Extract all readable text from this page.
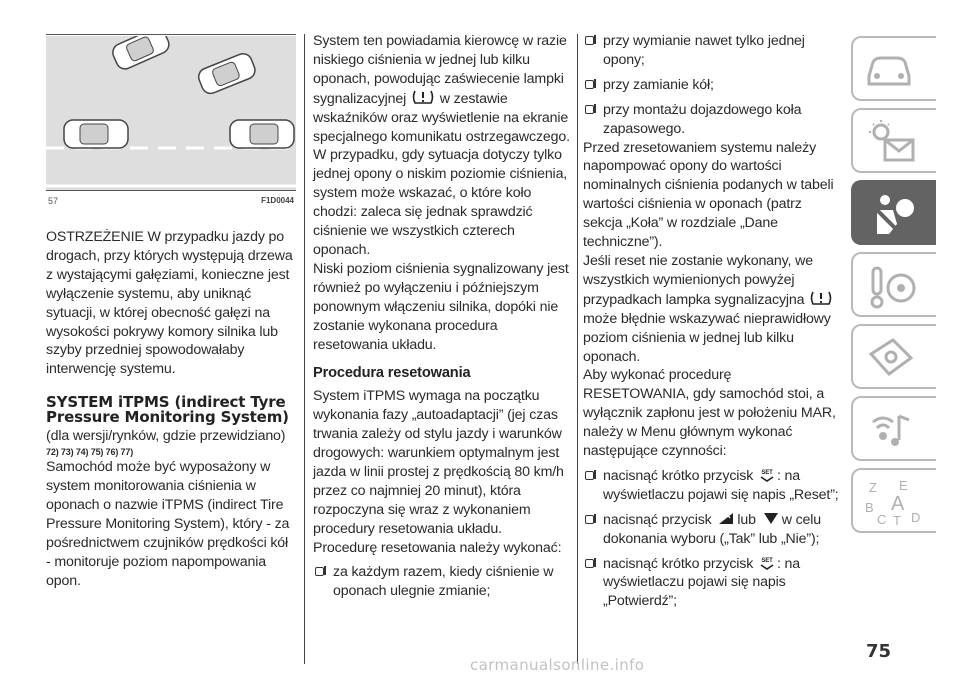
57	F1D0044

OSTRZEŻENIE W przypadku jazdy po drogach, przy których występują drzewa z wystającymi gałęziami, konieczne jest wyłączenie systemu, aby uniknąć sytuacji, w której obecność gałęzi na wysokości pokrywy komory silnika lub szyby przedniej spowodowałaby interwencję systemu.

SYSTEM iTPMS (indirect Tyre Pressure Monitoring System)

(dla wersji/rynków, gdzie przewidziano)

72) 73) 74) 75) 76) 77)

Samochód może być wyposażony w system monitorowania ciśnienia w oponach o nazwie iTPMS (indirect Tire Pressure Monitoring System), który - za pośrednictwem czujników prędkości kół - monitoruje poziom napompowania opon.

System ten powiadamia kierowcę w razie niskiego ciśnienia w jednej lub kilku oponach, powodując zaświecenie lampki sygnalizacyjnej w zestawie wskaźników oraz wyświetlenie na ekranie specjalnego komunikatu ostrzegawczego.

W przypadku, gdy sytuacja dotyczy tylko jednej opony o niskim poziomie ciśnienia, system może wskazać, o które koło chodzi: zaleca się jednak sprawdzić ciśnienie we wszystkich czterech oponach.

Niski poziom ciśnienia sygnalizowany jest również po wyłączeniu i późniejszym ponownym włączeniu silnika, dopóki nie zostanie wykonana procedura resetowania układu.

Procedura resetowania

System iTPMS wymaga na początku wykonania fazy „autoadaptacji” (jej czas trwania zależy od stylu jazdy i warunków drogowych: warunkiem optymalnym jest jazda w linii prostej z prędkością 80 km/h przez co najmniej 20 minut), która rozpoczyna się wraz z wykonaniem procedury resetowania układu.

Procedurę resetowania należy wykonać:

za każdym razem, kiedy ciśnienie w oponach ulegnie zmianie;

przy wymianie nawet tylko jednej opony;

przy zamianie kół;

przy montażu dojazdowego koła zapasowego.

Przed zresetowaniem systemu należy napompować opony do wartości nominalnych ciśnienia podanych w tabeli wartości ciśnienia w oponach (patrz sekcja „Koła” w rozdziale „Dane techniczne”).

Jeśli reset nie zostanie wykonany, we wszystkich wymienionych powyżej przypadkach lampka sygnalizacyjna  może błędnie wskazywać nieprawidłowy poziom ciśnienia w jednej lub kilku oponach.

Aby wykonać procedurę RESETOWANIA, gdy samochód stoi, a wyłącznik zapłonu jest w położeniu MAR, należy w Menu głównym wykonać następujące czynności:

nacisnąć krótko przycisk SET : na wyświetlaczu pojawi się napis „Reset”;

nacisnąć przycisk lub w celu dokonania wyboru („Tak” lub „Nie”);

nacisnąć krótko przycisk SET : na wyświetlaczu pojawi się napis „Potwierdź”;

Z E
B A
C T D
75
carmanualsonline.info
